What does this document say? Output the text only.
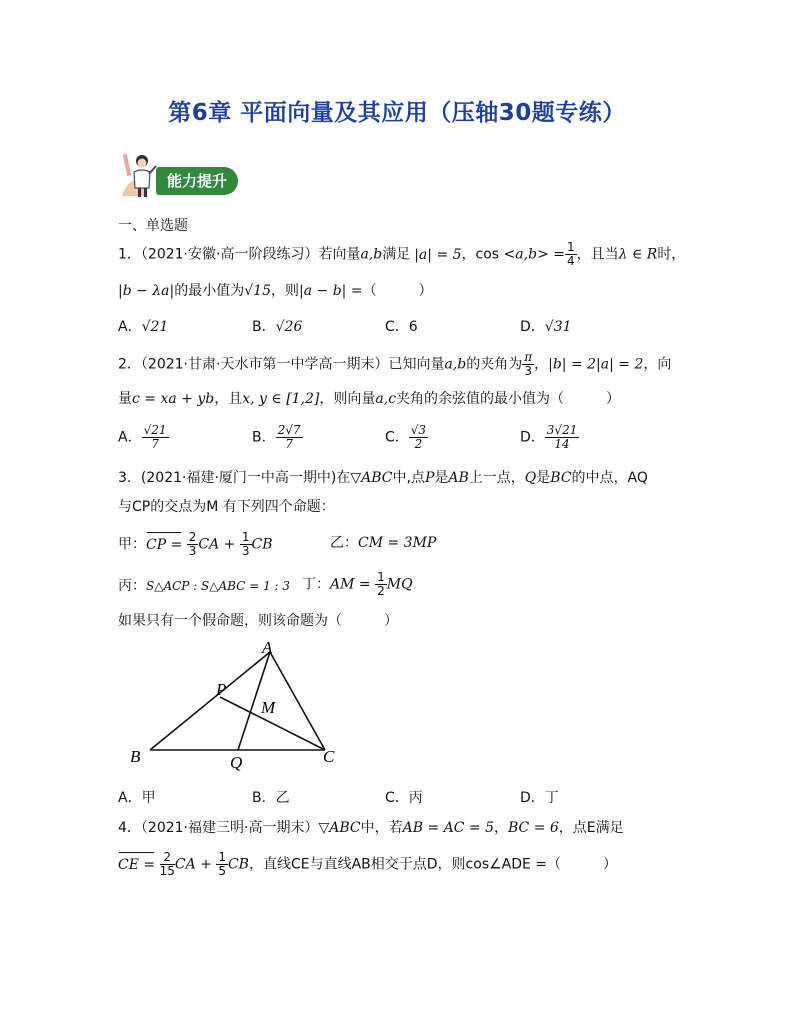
第6章 平面向量及其应用（压轴30题专练）
能力提升
一、单选题
1．（2021·安徽·高一阶段练习）若向量a,b满足 |a| = 5，$\cos <a,b> = \frac{1}{4}$ ，且当λ ∈ R时，
|b − λa|的最小值为√15，则|a − b| =（　　　）
A．√21	B．√26	C．6	D．√31
2．（2021·甘肃·天水市第一中学高一期末）已知向量a,b的夹角为 $\frac{\pi}{3}$ ，|b| = 2|a| = 2，向
量c = xa + yb，且x, y ∈ [1,2]，则向量a,c夹角的余弦值的最小值为（　　　）
A． $\frac{√21}{7}$	B． $\frac{2√7}{7}$	C． $\frac{√3}{2}$	D． $\frac{3√21}{14}$
3．(2021·福建·厦门一中高一期中)在▽ABC中,点P是AB上一点，Q是BC的中点，AQ
与CP的交点为M 有下列四个命题：
甲：CP = $\frac{2}{3}$ CA + $\frac{1}{3}$ CB	乙：CM = 3MP
丙：S△ACP : S△ABC = 1 : 3 丁：AM = $\frac{1}{2}$ MQ
如果只有一个假命题，则该命题为（　　　）
A
B	C
P
Q
M
A．甲	B．乙	C．丙	D．丁
4．（2021·福建三明·高一期末）▽ABC中，若AB = AC = 5，BC = 6，点E满足
CE = $\frac{2}{15}$ CA + $\frac{1}{5}$ CB，直线CE与直线AB相交于点D，则cos∠ADE =（　　　）
